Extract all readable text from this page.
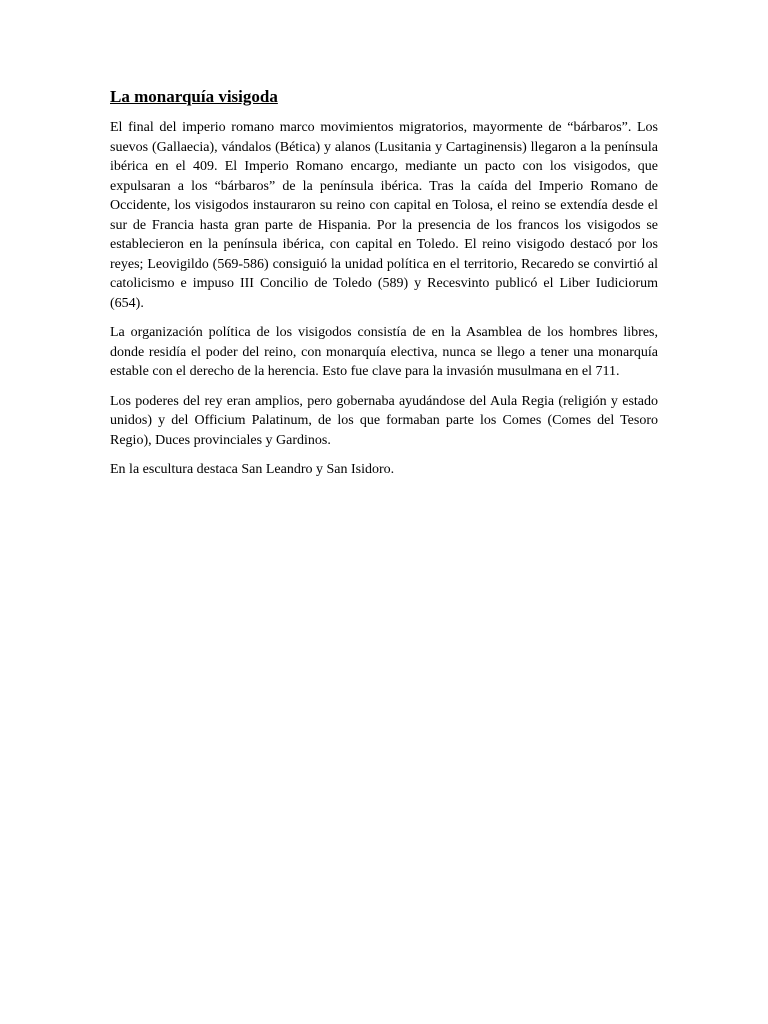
La monarquía visigoda

El final del imperio romano marco movimientos migratorios, mayormente de “bárbaros”. Los suevos (Gallaecia), vándalos (Bética) y alanos (Lusitania y Cartaginensis) llegaron a la península ibérica en el 409. El Imperio Romano encargo, mediante un pacto con los visigodos, que expulsaran a los “bárbaros” de la península ibérica. Tras la caída del Imperio Romano de Occidente, los visigodos instauraron su reino con capital en Tolosa, el reino se extendía desde el sur de Francia hasta gran parte de Hispania. Por la presencia de los francos los visigodos se establecieron en la península ibérica, con capital en Toledo. El reino visigodo destacó por los reyes; Leovigildo (569-586) consiguió la unidad política en el territorio, Recaredo se convirtió al catolicismo e impuso III Concilio de Toledo (589) y Recesvinto publicó el Liber Iudiciorum (654).

La organización política de los visigodos consistía de en la Asamblea de los hombres libres, donde residía el poder del reino, con monarquía electiva, nunca se llego a tener una monarquía estable con el derecho de la herencia. Esto fue clave para la invasión musulmana en el 711.

Los poderes del rey eran amplios, pero gobernaba ayudándose del Aula Regia (religión y estado unidos) y del Officium Palatinum, de los que formaban parte los Comes (Comes del Tesoro Regio), Duces provinciales y Gardinos.

En la escultura destaca San Leandro y San Isidoro.
